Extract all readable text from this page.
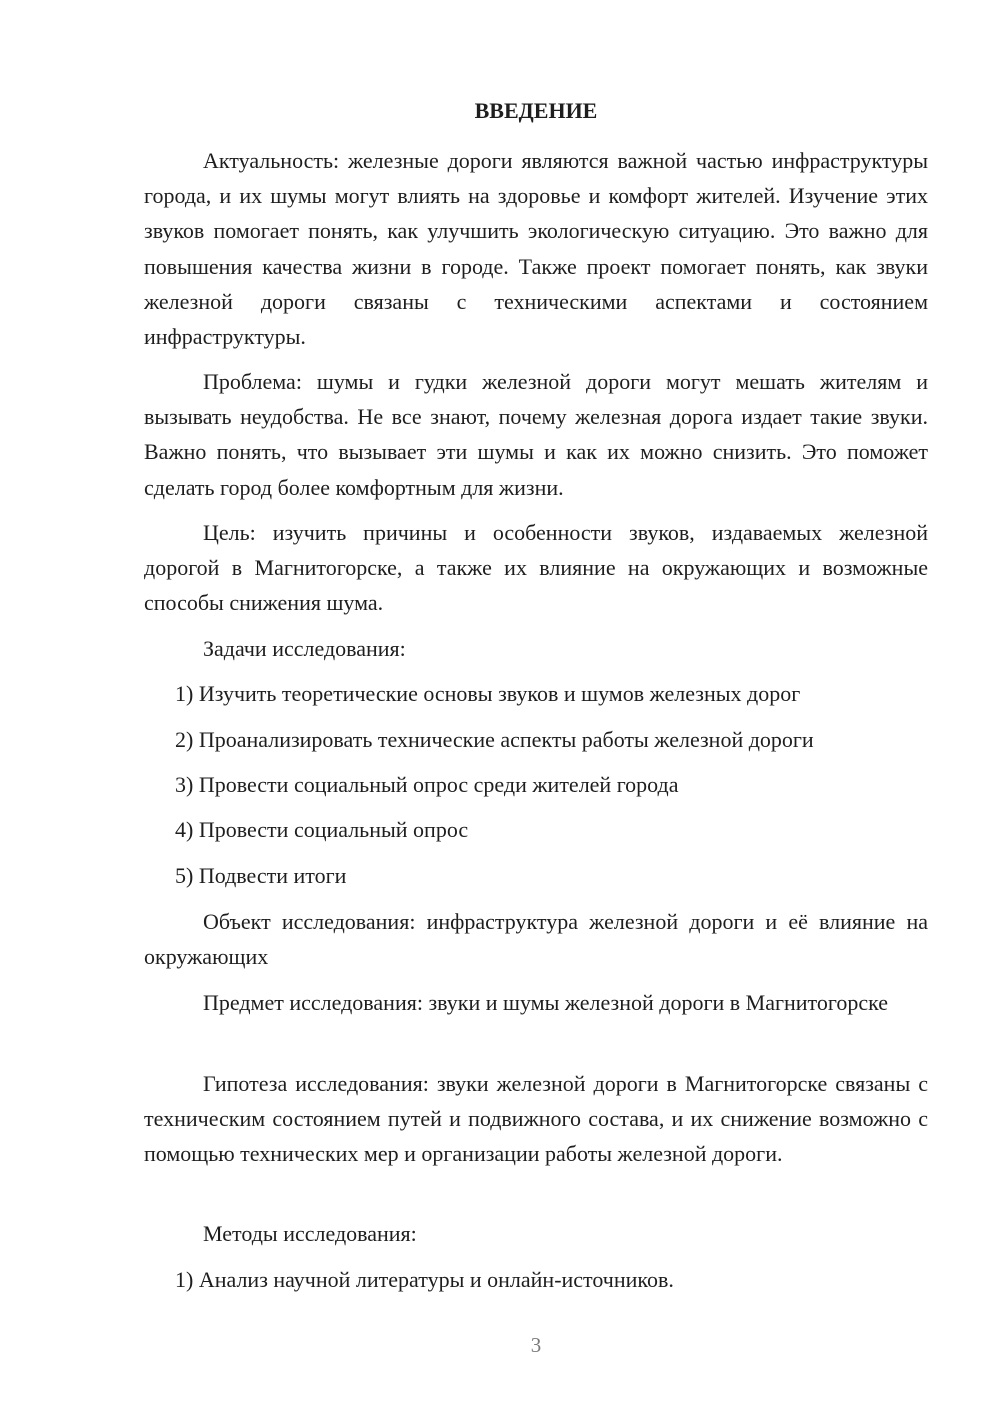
ВВЕДЕНИЕ

Актуальность: железные дороги являются важной частью инфраструктуры города, и их шумы могут влиять на здоровье и комфорт жителей. Изучение этих звуков помогает понять, как улучшить экологическую ситуацию. Это важно для повышения качества жизни в городе. Также проект помогает понять, как звуки железной дороги связаны с техническими аспектами и состоянием инфраструктуры.

Проблема: шумы и гудки железной дороги могут мешать жителям и вызывать неудобства. Не все знают, почему железная дорога издает такие звуки. Важно понять, что вызывает эти шумы и как их можно снизить. Это поможет сделать город более комфортным для жизни.

Цель: изучить причины и особенности звуков, издаваемых железной дорогой в Магнитогорске, а также их влияние на окружающих и возможные способы снижения шума.

Задачи исследования:

1) Изучить теоретические основы звуков и шумов железных дорог

2) Проанализировать технические аспекты работы железной дороги

3) Провести социальный опрос среди жителей города

4) Провести социальный опрос

5) Подвести итоги

Объект исследования: инфраструктура железной дороги и её влияние на окружающих

Предмет исследования: звуки и шумы железной дороги в Магнитогорске

Гипотеза исследования: звуки железной дороги в Магнитогорске связаны с техническим состоянием путей и подвижного состава, и их снижение возможно с помощью технических мер и организации работы железной дороги.

Методы исследования:

1) Анализ научной литературы и онлайн-источников.

3
